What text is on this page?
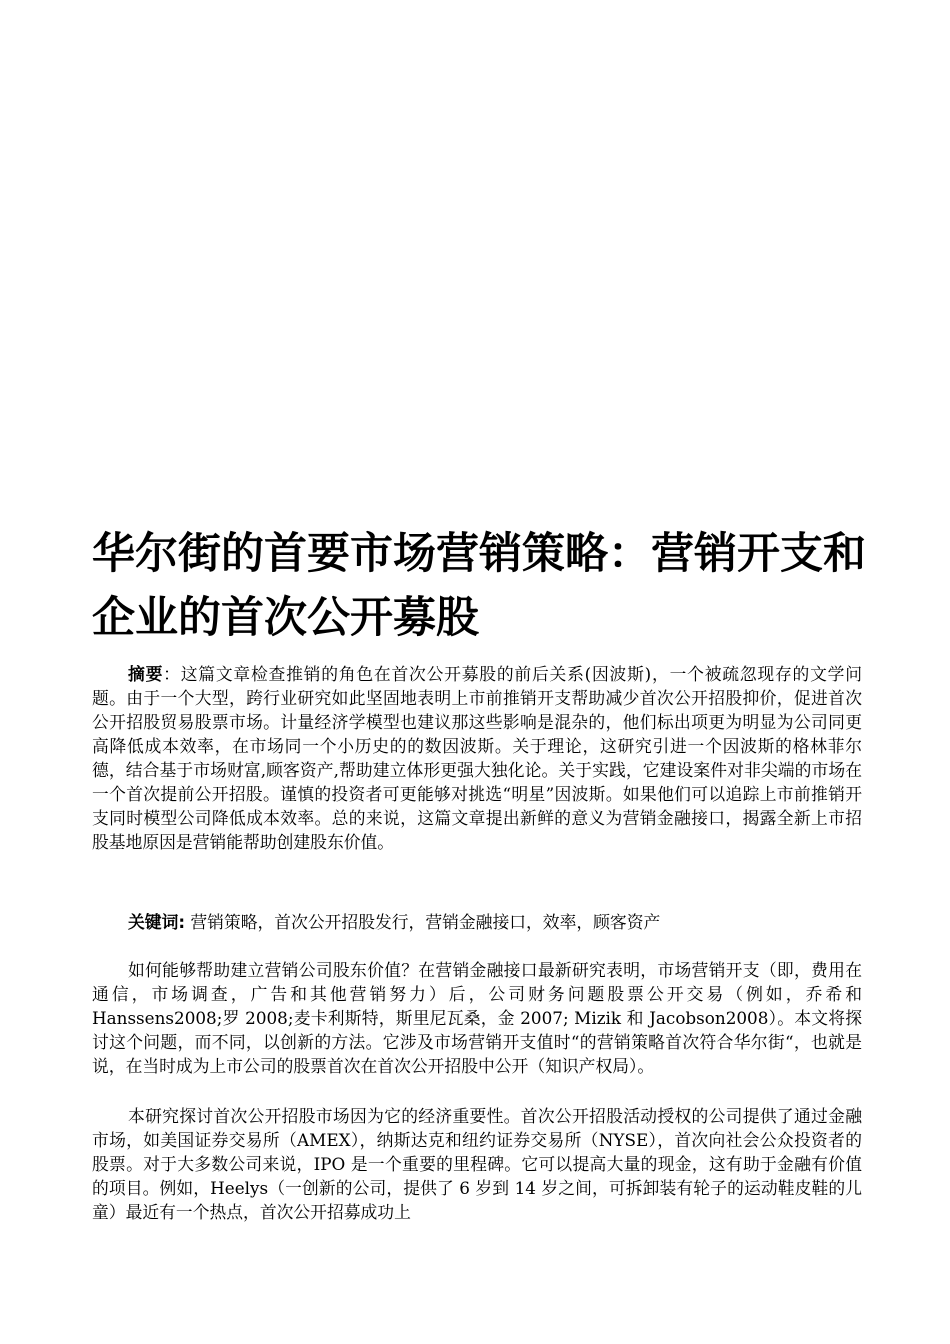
华尔街的首要市场营销策略：营销开支和企业的首次公开募股

摘要：这篇文章检查推销的角色在首次公开募股的前后关系(因波斯)，一个被疏忽现存的文学问题。由于一个大型，跨行业研究如此坚固地表明上市前推销开支帮助减少首次公开招股抑价，促进首次公开招股贸易股票市场。计量经济学模型也建议那这些影响是混杂的，他们标出项更为明显为公司同更高降低成本效率，在市场同一个小历史的的数因波斯。关于理论，这研究引进一个因波斯的格林菲尔德，结合基于市场财富,顾客资产,帮助建立体形更强大独化论。关于实践，它建设案件对非尖端的市场在一个首次提前公开招股。谨慎的投资者可更能够对挑选“明星”因波斯。如果他们可以追踪上市前推销开支同时模型公司降低成本效率。总的来说，这篇文章提出新鲜的意义为营销金融接口，揭露全新上市招股基地原因是营销能帮助创建股东价值。

关键词: 营销策略，首次公开招股发行，营销金融接口，效率，顾客资产

如何能够帮助建立营销公司股东价值？在营销金融接口最新研究表明，市场营销开支（即，费用在通信，市场调查，广告和其他营销努力）后，公司财务问题股票公开交易（例如，乔希和 Hanssens2008;罗 2008;麦卡利斯特，斯里尼瓦桑，金 2007; Mizik 和 Jacobson2008）。本文将探讨这个问题，而不同，以创新的方法。它涉及市场营销开支值时“的营销策略首次符合华尔街“，也就是说，在当时成为上市公司的股票首次在首次公开招股中公开（知识产权局）。

本研究探讨首次公开招股市场因为它的经济重要性。首次公开招股活动授权的公司提供了通过金融市场，如美国证券交易所（AMEX），纳斯达克和纽约证券交易所（NYSE），首次向社会公众投资者的股票。对于大多数公司来说，IPO 是一个重要的里程碑。它可以提高大量的现金，这有助于金融有价值的项目。例如，Heelys（一创新的公司，提供了 6 岁到 14 岁之间，可拆卸装有轮子的运动鞋皮鞋的儿童）最近有一个热点，首次公开招募成功上
